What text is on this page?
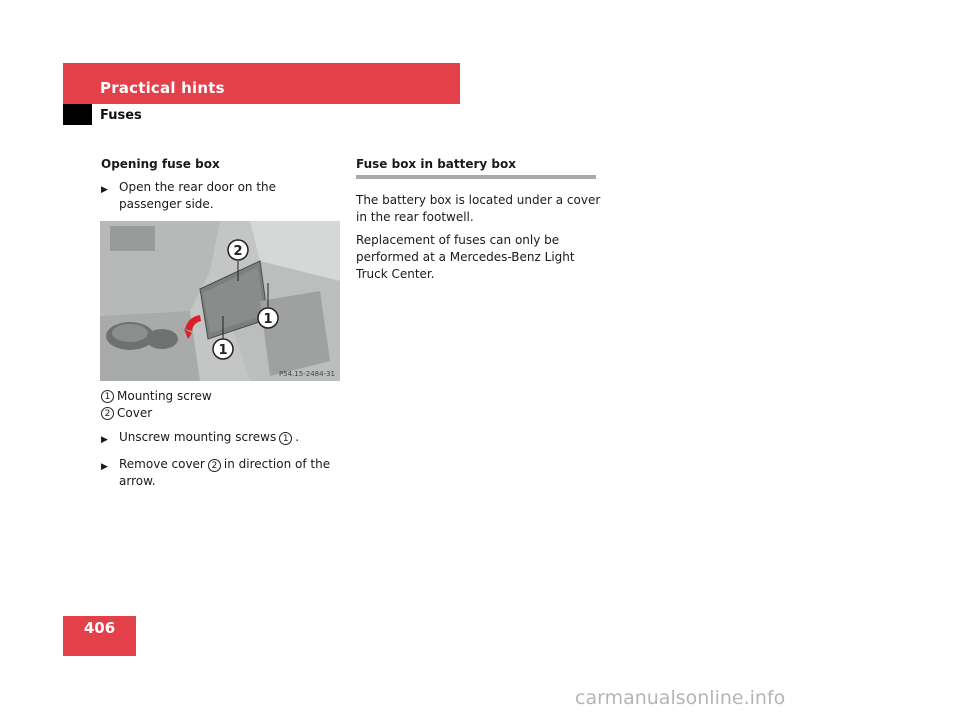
Practical hints
Fuses

Opening fuse box

▶ Open the rear door on the passenger side.
2
1
1
P54.15-2484-31
1 Mounting screw
2 Cover
▶ Unscrew mounting screws 1 .
▶ Remove cover 2 in direction of the arrow.

Fuse box in battery box

The battery box is located under a cover in the rear footwell.

Replacement of fuses can only be performed at a Mercedes-Benz Light Truck Center.

406
carmanualsonline.info
